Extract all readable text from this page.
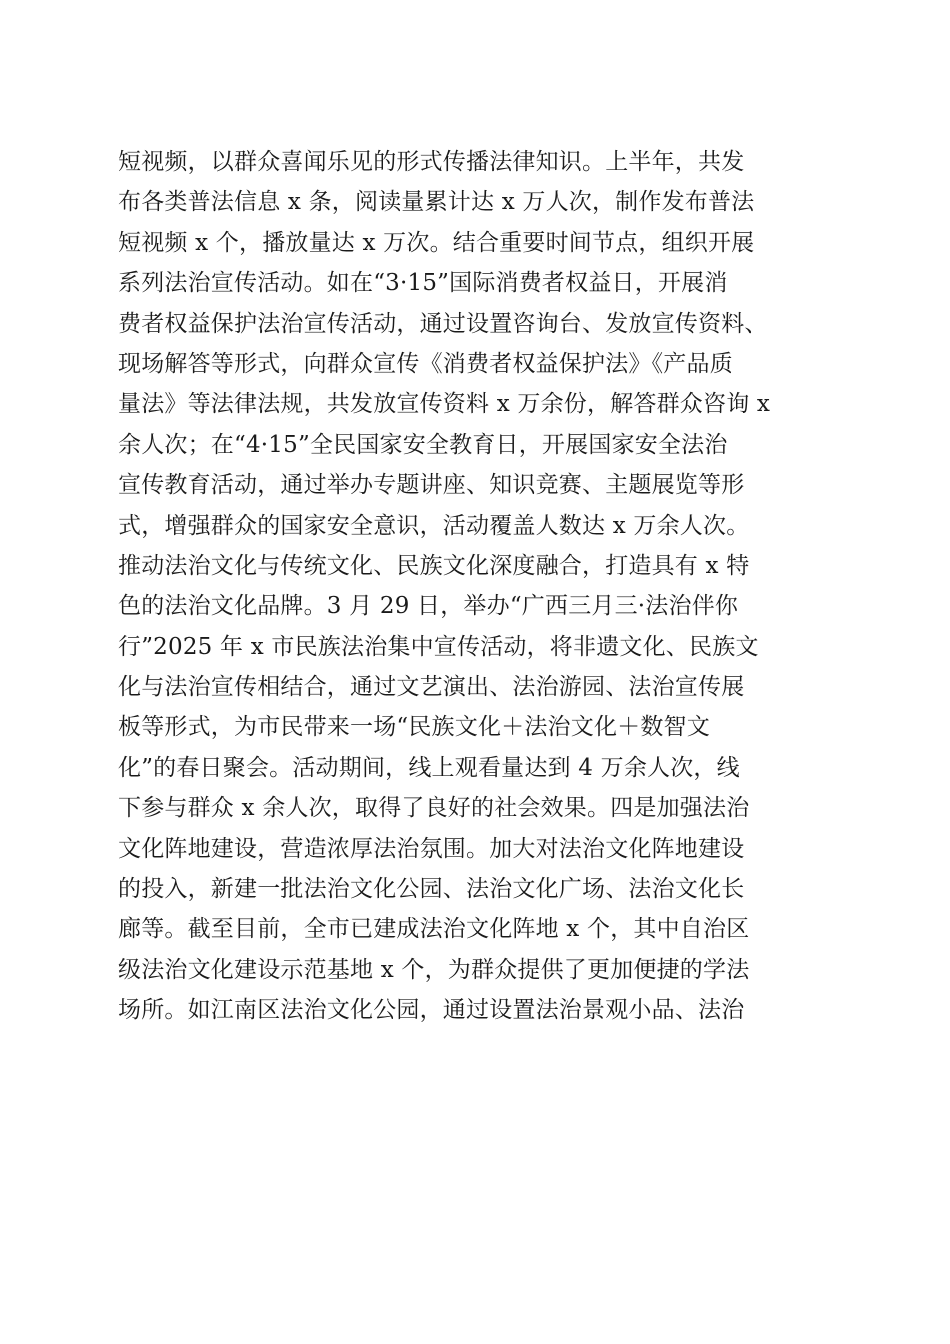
短视频，以群众喜闻乐见的形式传播法律知识。上半年，共发
布各类普法信息 x 条，阅读量累计达 x 万人次，制作发布普法
短视频 x 个，播放量达 x 万次。结合重要时间节点，组织开展
系列法治宣传活动。如在“3·15”国际消费者权益日，开展消
费者权益保护法治宣传活动，通过设置咨询台、发放宣传资料、
现场解答等形式，向群众宣传《消费者权益保护法》《产品质
量法》等法律法规，共发放宣传资料 x 万余份，解答群众咨询 x
余人次；在“4·15”全民国家安全教育日，开展国家安全法治
宣传教育活动，通过举办专题讲座、知识竞赛、主题展览等形
式，增强群众的国家安全意识，活动覆盖人数达 x 万余人次。
推动法治文化与传统文化、民族文化深度融合，打造具有 x 特
色的法治文化品牌。3 月 29 日，举办“广西三月三·法治伴你
行”2025 年 x 市民族法治集中宣传活动，将非遗文化、民族文
化与法治宣传相结合，通过文艺演出、法治游园、法治宣传展
板等形式，为市民带来一场“民族文化＋法治文化＋数智文
化”的春日聚会。活动期间，线上观看量达到 4 万余人次，线
下参与群众 x 余人次，取得了良好的社会效果。四是加强法治
文化阵地建设，营造浓厚法治氛围。加大对法治文化阵地建设
的投入，新建一批法治文化公园、法治文化广场、法治文化长
廊等。截至目前，全市已建成法治文化阵地 x 个，其中自治区
级法治文化建设示范基地 x 个，为群众提供了更加便捷的学法
场所。如江南区法治文化公园，通过设置法治景观小品、法治
